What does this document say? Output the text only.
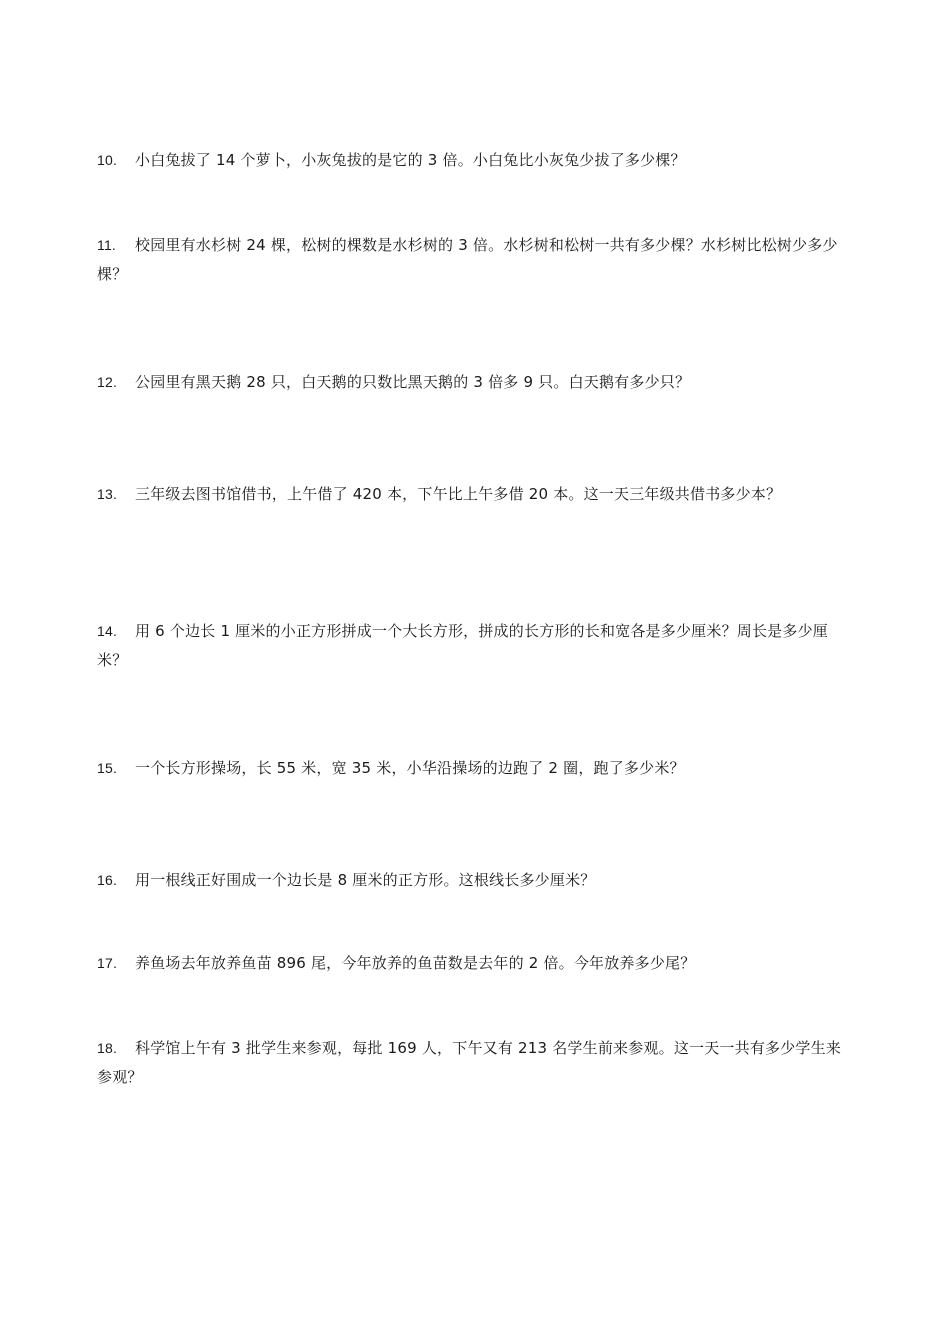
10. 小白兔拔了 14 个萝卜，小灰兔拔的是它的 3 倍。小白兔比小灰兔少拔了多少棵？
11. 校园里有水杉树 24 棵，松树的棵数是水杉树的 3 倍。水杉树和松树一共有多少棵？水杉树比松树少多少棵？
12. 公园里有黑天鹅 28 只，白天鹅的只数比黑天鹅的 3 倍多 9 只。白天鹅有多少只？
13. 三年级去图书馆借书，上午借了 420 本，下午比上午多借 20 本。这一天三年级共借书多少本？
14. 用 6 个边长 1 厘米的小正方形拼成一个大长方形，拼成的长方形的长和宽各是多少厘米？周长是多少厘米？
15. 一个长方形操场，长 55 米，宽 35 米，小华沿操场的边跑了 2 圈，跑了多少米？
16. 用一根线正好围成一个边长是 8 厘米的正方形。这根线长多少厘米？
17. 养鱼场去年放养鱼苗 896 尾，今年放养的鱼苗数是去年的 2 倍。今年放养多少尾？
18. 科学馆上午有 3 批学生来参观，每批 169 人，下午又有 213 名学生前来参观。这一天一共有多少学生来参观？
